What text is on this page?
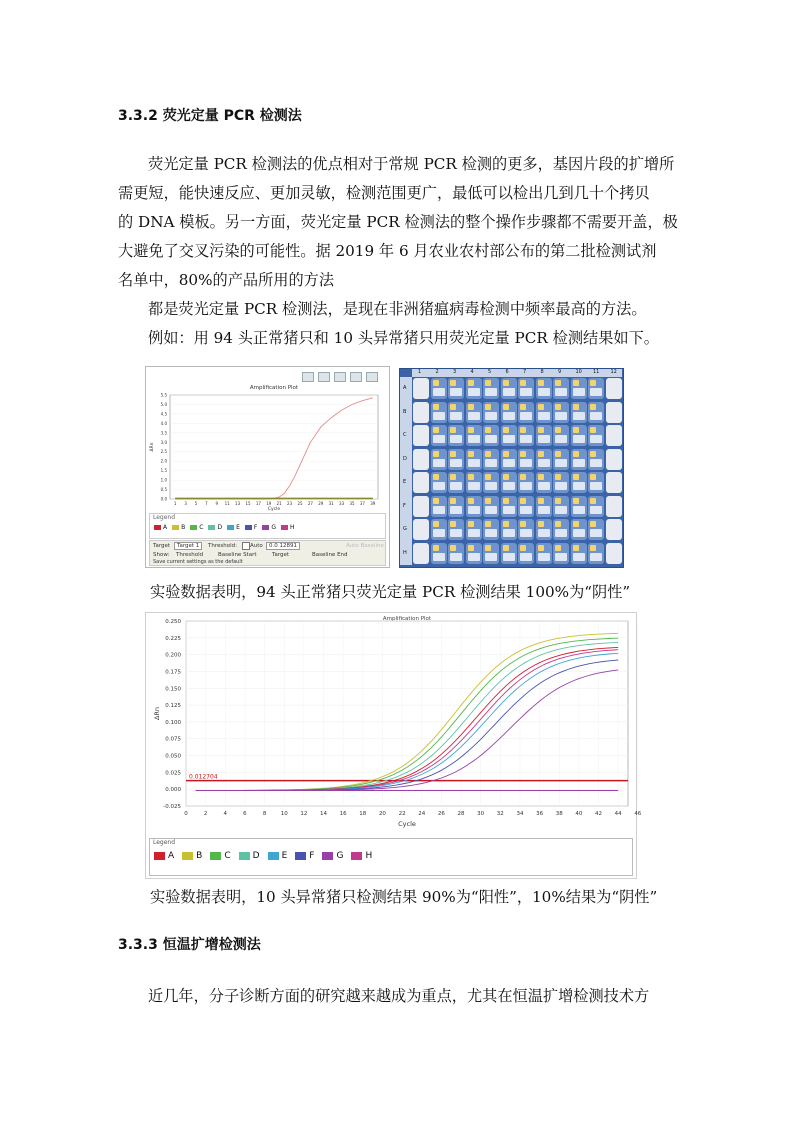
3.3.2 荧光定量 PCR 检测法
荧光定量 PCR 检测法的优点相对于常规 PCR 检测的更多，基因片段的扩增所
需更短，能快速反应、更加灵敏，检测范围更广，最低可以检出几到几十个拷贝
的 DNA 模板。另一方面，荧光定量 PCR 检测法的整个操作步骤都不需要开盖，极
大避免了交叉污染的可能性。据 2019 年 6 月农业农村部公布的第二批检测试剂
名单中，80%的产品所用的方法
都是荧光定量 PCR 检测法，是现在非洲猪瘟病毒检测中频率最高的方法。
例如：用 94 头正常猪只和 10 头异常猪只用荧光定量 PCR 检测结果如下。
Amplification Plot
0.0
0.5
1.0
1.5
2.0
2.5
3.0
3.5
4.0
4.5
5.0
5.5
1 3 5 7 9 11 13 15 17 19 21 23 25 27 29 31 33 35 37 39
Cycle
ΔRn
Legend
A B C D E F G H
Target	Target 1	Threshold: Auto	0.0 12891	Auto Baseline
Show: Threshold	Baseline Start	Target	Baseline End
Save current settings as the default
1	2	3	4	5	6	7	8	9	10 11 12
A
B
C
D
E
F
G
H
实验数据表明，94 头正常猪只荧光定量 PCR 检测结果 100%为“阴性”
Amplification Plot
-0.025
0.000
0.025
0.050
0.075
0.100
0.125
0.150
0.175
0.200
0.225
0.250
0	2	4	6	8	10 12 14 16 18 20 22 24 26 28 30 32 34 36 38 40 42 44 46
Cycle
ΔRn
0.012704
Legend
A B C D E F G H
实验数据表明，10 头异常猪只检测结果 90%为“阳性”，10%结果为“阴性”
3.3.3 恒温扩增检测法
近几年，分子诊断方面的研究越来越成为重点，尤其在恒温扩增检测技术方
